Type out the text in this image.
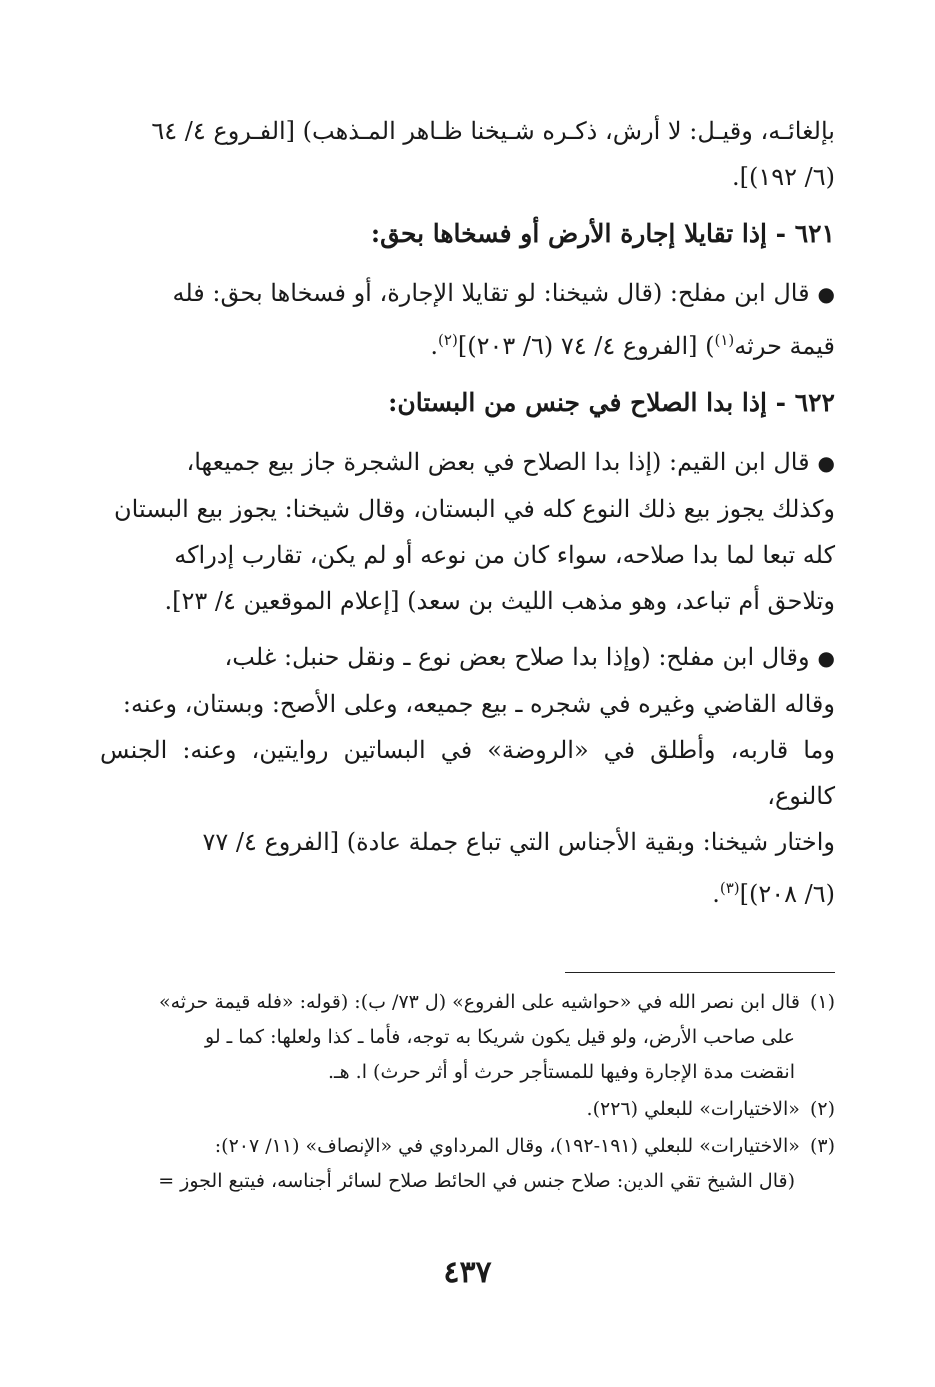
بإلغائـه، وقيـل: لا أرش، ذكـره شـيخنا ظـاهر المـذهب) [الفـروع ٤/ ٦٤
(٦/ ١٩٢)].

٦٢١ - إذا تقايلا إجارة الأرض أو فسخاها بحق:

●قال ابن مفلح: (قال شيخنا: لو تقايلا الإجارة، أو فسخاها بحق: فله
قيمة حرثه$^{(١)}$) [الفروع ٤/ ٧٤ (٦/ ٢٠٣)]$^{(٢)}$.

٦٢٢ - إذا بدا الصلاح في جنس من البستان:

●قال ابن القيم: (إذا بدا الصلاح في بعض الشجرة جاز بيع جميعها،
وكذلك يجوز بيع ذلك النوع كله في البستان، وقال شيخنا: يجوز بيع البستان
كله تبعا لما بدا صلاحه، سواء كان من نوعه أو لم يكن، تقارب إدراكه
وتلاحق أم تباعد، وهو مذهب الليث بن سعد) [إعلام الموقعين ٤/ ٢٣].

●وقال ابن مفلح: (وإذا بدا صلاح بعض نوع ـ ونقل حنبل: غلب،
وقاله القاضي وغيره في شجره ـ بيع جميعه، وعلى الأصح: وبستان، وعنه:
وما قاربه، وأطلق في «الروضة» في البساتين روايتين، وعنه: الجنس كالنوع،
واختار شيخنا: وبقية الأجناس التي تباع جملة عادة) [الفروع ٤/ ٧٧
(٦/ ٢٠٨)]$^{(٣)}$.

(١)قال ابن نصر الله في «حواشيه على الفروع» (ل ٧٣/ ب): (قوله: «فله قيمة حرثه»
على صاحب الأرض، ولو قيل يكون شريكا به توجه، فأما ـ كذا ولعلها: كما ـ لو
انقضت مدة الإجارة وفيها للمستأجر حرث أو أثر حرث) ا. هـ.
(٢)«الاختيارات» للبعلي (٢٢٦).
(٣)«الاختيارات» للبعلي (١٩١-١٩٢)، وقال المرداوي في «الإنصاف» (١١/ ٢٠٧):
(قال الشيخ تقي الدين: صلاح جنس في الحائط صلاح لسائر أجناسه، فيتبع الجوز =
٤٣٧
